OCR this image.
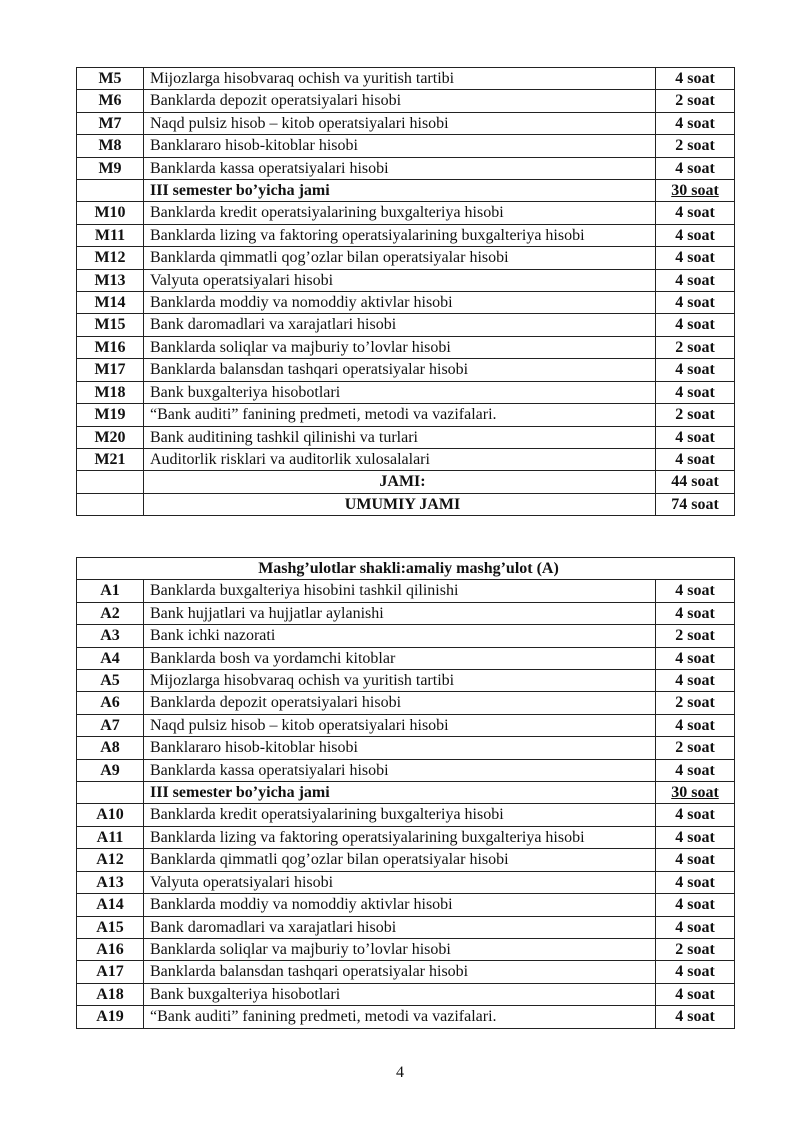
M5	Mijozlarga hisobvaraq ochish va yuritish tartibi	4 soat
M6	Banklarda depozit operatsiyalari hisobi	2 soat
M7	Naqd pulsiz hisob – kitob operatsiyalari hisobi	4 soat
M8	Banklararo hisob-kitoblar hisobi	2 soat
M9	Banklarda kassa operatsiyalari hisobi	4 soat
	III semester bo’yicha jami	30 soat
M10	Banklarda kredit operatsiyalarining buxgalteriya hisobi	4 soat
M11	Banklarda lizing va faktoring operatsiyalarining buxgalteriya hisobi	4 soat
M12	Banklarda qimmatli qog’ozlar bilan operatsiyalar hisobi	4 soat
M13	Valyuta operatsiyalari hisobi	4 soat
M14	Banklarda moddiy va nomoddiy aktivlar hisobi	4 soat
M15	Bank daromadlari va xarajatlari hisobi	4 soat
M16	Banklarda soliqlar va majburiy to’lovlar hisobi	2 soat
M17	Banklarda balansdan tashqari operatsiyalar hisobi	4 soat
M18	Bank buxgalteriya hisobotlari	4 soat
M19	“Bank auditi” fanining predmeti, metodi va vazifalari.	2 soat
M20	Bank auditining tashkil qilinishi va turlari	4 soat
M21	Auditorlik risklari va auditorlik xulosalalari	4 soat
	JAMI:	44 soat
	UMUMIY JAMI	74 soat
Mashg’ulotlar shakli:amaliy mashg’ulot (A)		
A1	Banklarda buxgalteriya hisobini tashkil qilinishi	4 soat
A2	Bank hujjatlari va hujjatlar aylanishi	4 soat
A3	Bank ichki nazorati	2 soat
A4	Banklarda bosh va yordamchi kitoblar	4 soat
A5	Mijozlarga hisobvaraq ochish va yuritish tartibi	4 soat
A6	Banklarda depozit operatsiyalari hisobi	2 soat
A7	Naqd pulsiz hisob – kitob operatsiyalari hisobi	4 soat
A8	Banklararo hisob-kitoblar hisobi	2 soat
A9	Banklarda kassa operatsiyalari hisobi	4 soat
	III semester bo’yicha jami	30 soat
A10	Banklarda kredit operatsiyalarining buxgalteriya hisobi	4 soat
A11	Banklarda lizing va faktoring operatsiyalarining buxgalteriya hisobi	4 soat
A12	Banklarda qimmatli qog’ozlar bilan operatsiyalar hisobi	4 soat
A13	Valyuta operatsiyalari hisobi	4 soat
A14	Banklarda moddiy va nomoddiy aktivlar hisobi	4 soat
A15	Bank daromadlari va xarajatlari hisobi	4 soat
A16	Banklarda soliqlar va majburiy to’lovlar hisobi	2 soat
A17	Banklarda balansdan tashqari operatsiyalar hisobi	4 soat
A18	Bank buxgalteriya hisobotlari	4 soat
A19	“Bank auditi” fanining predmeti, metodi va vazifalari.	4 soat
4
